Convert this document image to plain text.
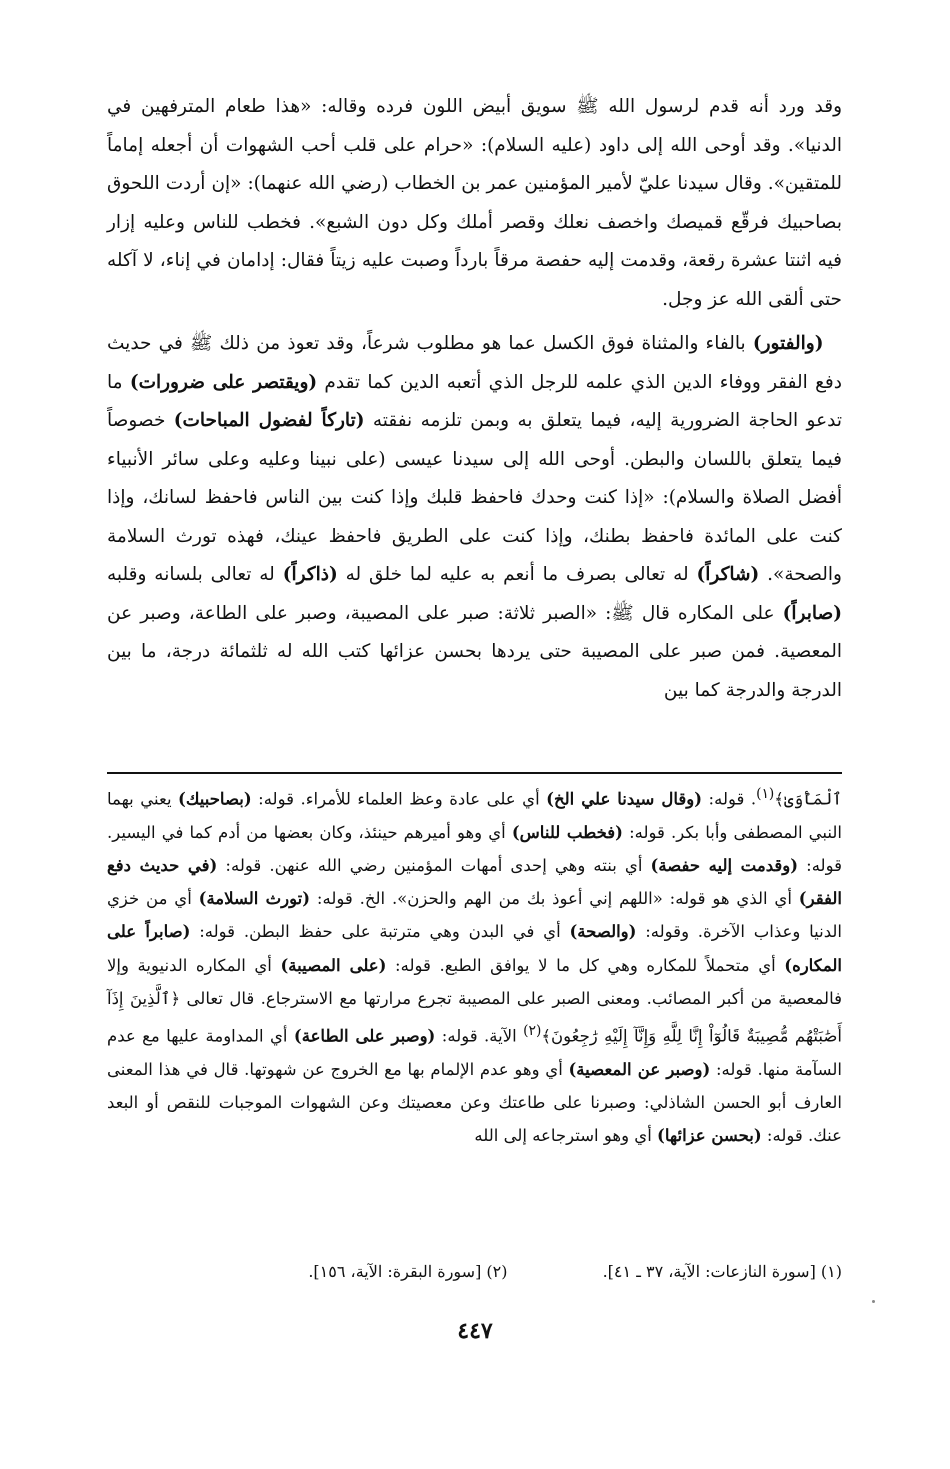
وقد ورد أنه قدم لرسول الله ﷺ سويق أبيض اللون فرده وقاله: «هذا طعام المترفهين في الدنيا». وقد أوحى الله إلى داود (عليه السلام): «حرام على قلب أحب الشهوات أن أجعله إماماً للمتقين». وقال سيدنا عليّ لأمير المؤمنين عمر بن الخطاب (رضي الله عنهما): «إن أردت اللحوق بصاحبيك فرقّع قميصك واخصف نعلك وقصر أملك وكل دون الشبع». فخطب للناس وعليه إزار فيه اثنتا عشرة رقعة، وقدمت إليه حفصة مرقاً بارداً وصبت عليه زيتاً فقال: إدامان في إناء، لا آكله حتى ألقى الله عز وجل.

 (والفتور) بالفاء والمثناة فوق الكسل عما هو مطلوب شرعاً، وقد تعوذ من ذلك ﷺ في حديث دفع الفقر ووفاء الدين الذي علمه للرجل الذي أتعبه الدين كما تقدم (ويقتصر على ضرورات) ما تدعو الحاجة الضرورية إليه، فيما يتعلق به وبمن تلزمه نفقته (تاركاً لفضول المباحات) خصوصاً فيما يتعلق باللسان والبطن. أوحى الله إلى سيدنا عيسى (على نبينا وعليه وعلى سائر الأنبياء أفضل الصلاة والسلام): «إذا كنت وحدك فاحفظ قلبك وإذا كنت بين الناس فاحفظ لسانك، وإذا كنت على المائدة فاحفظ بطنك، وإذا كنت على الطريق فاحفظ عينك، فهذه تورث السلامة والصحة». (شاكراً) له تعالى بصرف ما أنعم به عليه لما خلق له (ذاكراً) له تعالى بلسانه وقلبه (صابراً) على المكاره قال ﷺ: «الصبر ثلاثة: صبر على المصيبة، وصبر على الطاعة، وصبر عن المعصية. فمن صبر على المصيبة حتى يردها بحسن عزائها كتب الله له ثلثمائة درجة، ما بين الدرجة والدرجة كما بين

ٱلْمَأْوَىٰ﴾$^{(١)}$. قوله: (وقال سيدنا علي الخ) أي على عادة وعظ العلماء للأمراء. قوله: (بصاحبيك) يعني بهما النبي المصطفى وأبا بكر. قوله: (فخطب للناس) أي وهو أميرهم حينئذ، وكان بعضها من أدم كما في اليسير. قوله: (وقدمت إليه حفصة) أي بنته وهي إحدى أمهات المؤمنين رضي الله عنهن. قوله: (في حديث دفع الفقر) أي الذي هو قوله: «اللهم إني أعوذ بك من الهم والحزن». الخ. قوله: (تورث السلامة) أي من خزي الدنيا وعذاب الآخرة. وقوله: (والصحة) أي في البدن وهي مترتبة على حفظ البطن. قوله: (صابراً على المكاره) أي متحملاً للمكاره وهي كل ما لا يوافق الطبع. قوله: (على المصيبة) أي المكاره الدنيوية وإلا فالمعصية من أكبر المصائب. ومعنى الصبر على المصيبة تجرع مرارتها مع الاسترجاع. قال تعالى ﴿ٱلَّذِينَ إِذَآ أَصَٰبَتْهُم مُّصِيبَةٌ قَالُوٓاْ إِنَّا لِلَّهِ وَإِنَّآ إِلَيْهِ رَٰجِعُونَ﴾$^{(٢)}$ الآية. قوله: (وصبر على الطاعة) أي المداومة عليها مع عدم السآمة منها. قوله: (وصبر عن المعصية) أي وهو عدم الإلمام بها مع الخروج عن شهوتها. قال في هذا المعنى العارف أبو الحسن الشاذلي: وصبرنا على طاعتك وعن معصيتك وعن الشهوات الموجبات للنقص أو البعد عنك. قوله: (بحسن عزائها) أي وهو استرجاعه إلى الله

(١) [سورة النازعات: الآية، ٣٧ ـ ٤١]. (٢) [سورة البقرة: الآية، ١٥٦].
٤٤٧
